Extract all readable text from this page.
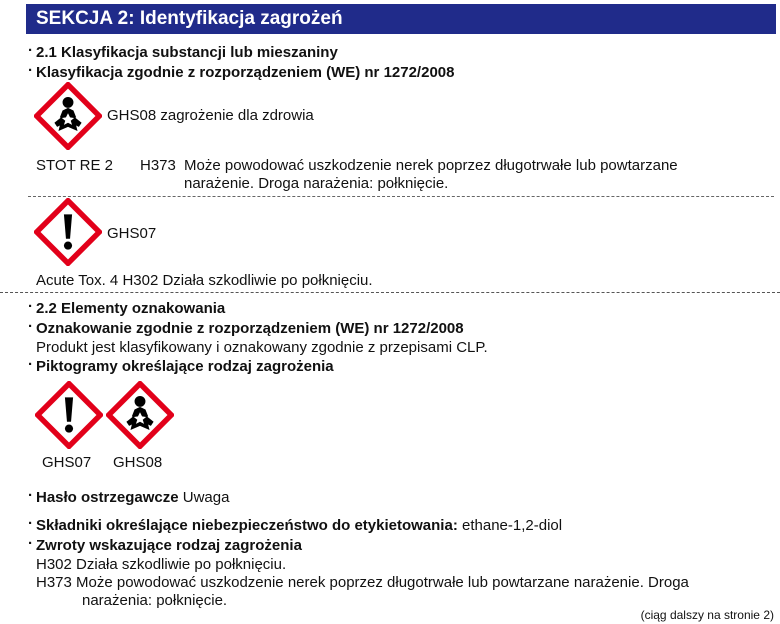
SEKCJA 2: Identyfikacja zagrożeń
· 2.1 Klasyfikacja substancji lub mieszaniny
· Klasyfikacja zgodnie z rozporządzeniem (WE) nr 1272/2008
GHS08 zagrożenie dla zdrowia
STOT RE 2 H373 Może powodować uszkodzenie nerek poprzez długotrwałe lub powtarzane
narażenie. Droga narażenia: połknięcie.
GHS07
Acute Tox. 4 H302 Działa szkodliwie po połknięciu.
· 2.2 Elementy oznakowania
· Oznakowanie zgodnie z rozporządzeniem (WE) nr 1272/2008
Produkt jest klasyfikowany i oznakowany zgodnie z przepisami CLP.
· Piktogramy określające rodzaj zagrożenia
GHS07 GHS08
· Hasło ostrzegawcze Uwaga
· Składniki określające niebezpieczeństwo do etykietowania: ethane-1,2-diol
· Zwroty wskazujące rodzaj zagrożenia
H302 Działa szkodliwie po połknięciu.
H373 Może powodować uszkodzenie nerek poprzez długotrwałe lub powtarzane narażenie. Droga
narażenia: połknięcie.
(ciąg dalszy na stronie 2)
